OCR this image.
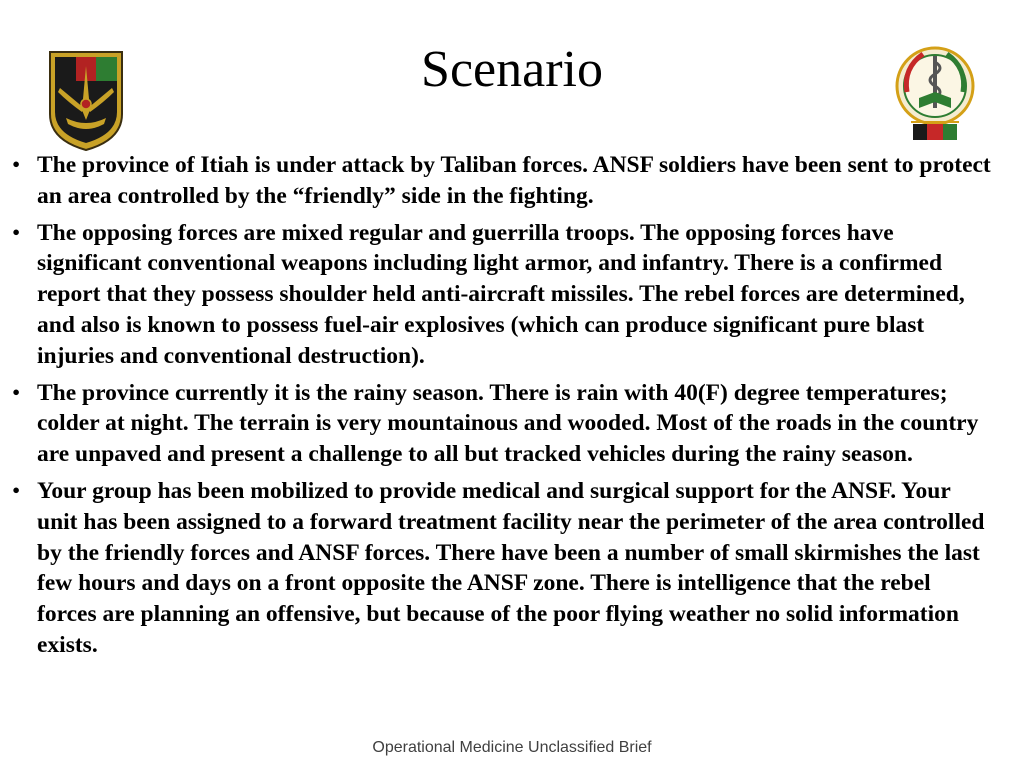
Scenario
• The province of Itiah is under attack by Taliban forces. ANSF soldiers have been sent to protect an area controlled by the “friendly” side in the fighting.
• The opposing forces are mixed regular and guerrilla troops. The opposing forces have significant conventional weapons including light armor, and infantry. There is a confirmed report that they possess shoulder held anti-aircraft missiles. The rebel forces are determined, and also is known to possess fuel-air explosives (which can produce significant pure blast injuries and conventional destruction).
• The province currently it is the rainy season. There is rain with 40(F) degree temperatures; colder at night. The terrain is very mountainous and wooded. Most of the roads in the country are unpaved and present a challenge to all but tracked vehicles during the rainy season.
• Your group has been mobilized to provide medical and surgical support for the ANSF. Your unit has been assigned to a forward treatment facility near the perimeter of the area controlled by the friendly forces and ANSF forces. There have been a number of small skirmishes the last few hours and days on a front opposite the ANSF zone. There is intelligence that the rebel forces are planning an offensive, but because of the poor flying weather no solid information exists.
Operational Medicine Unclassified Brief
